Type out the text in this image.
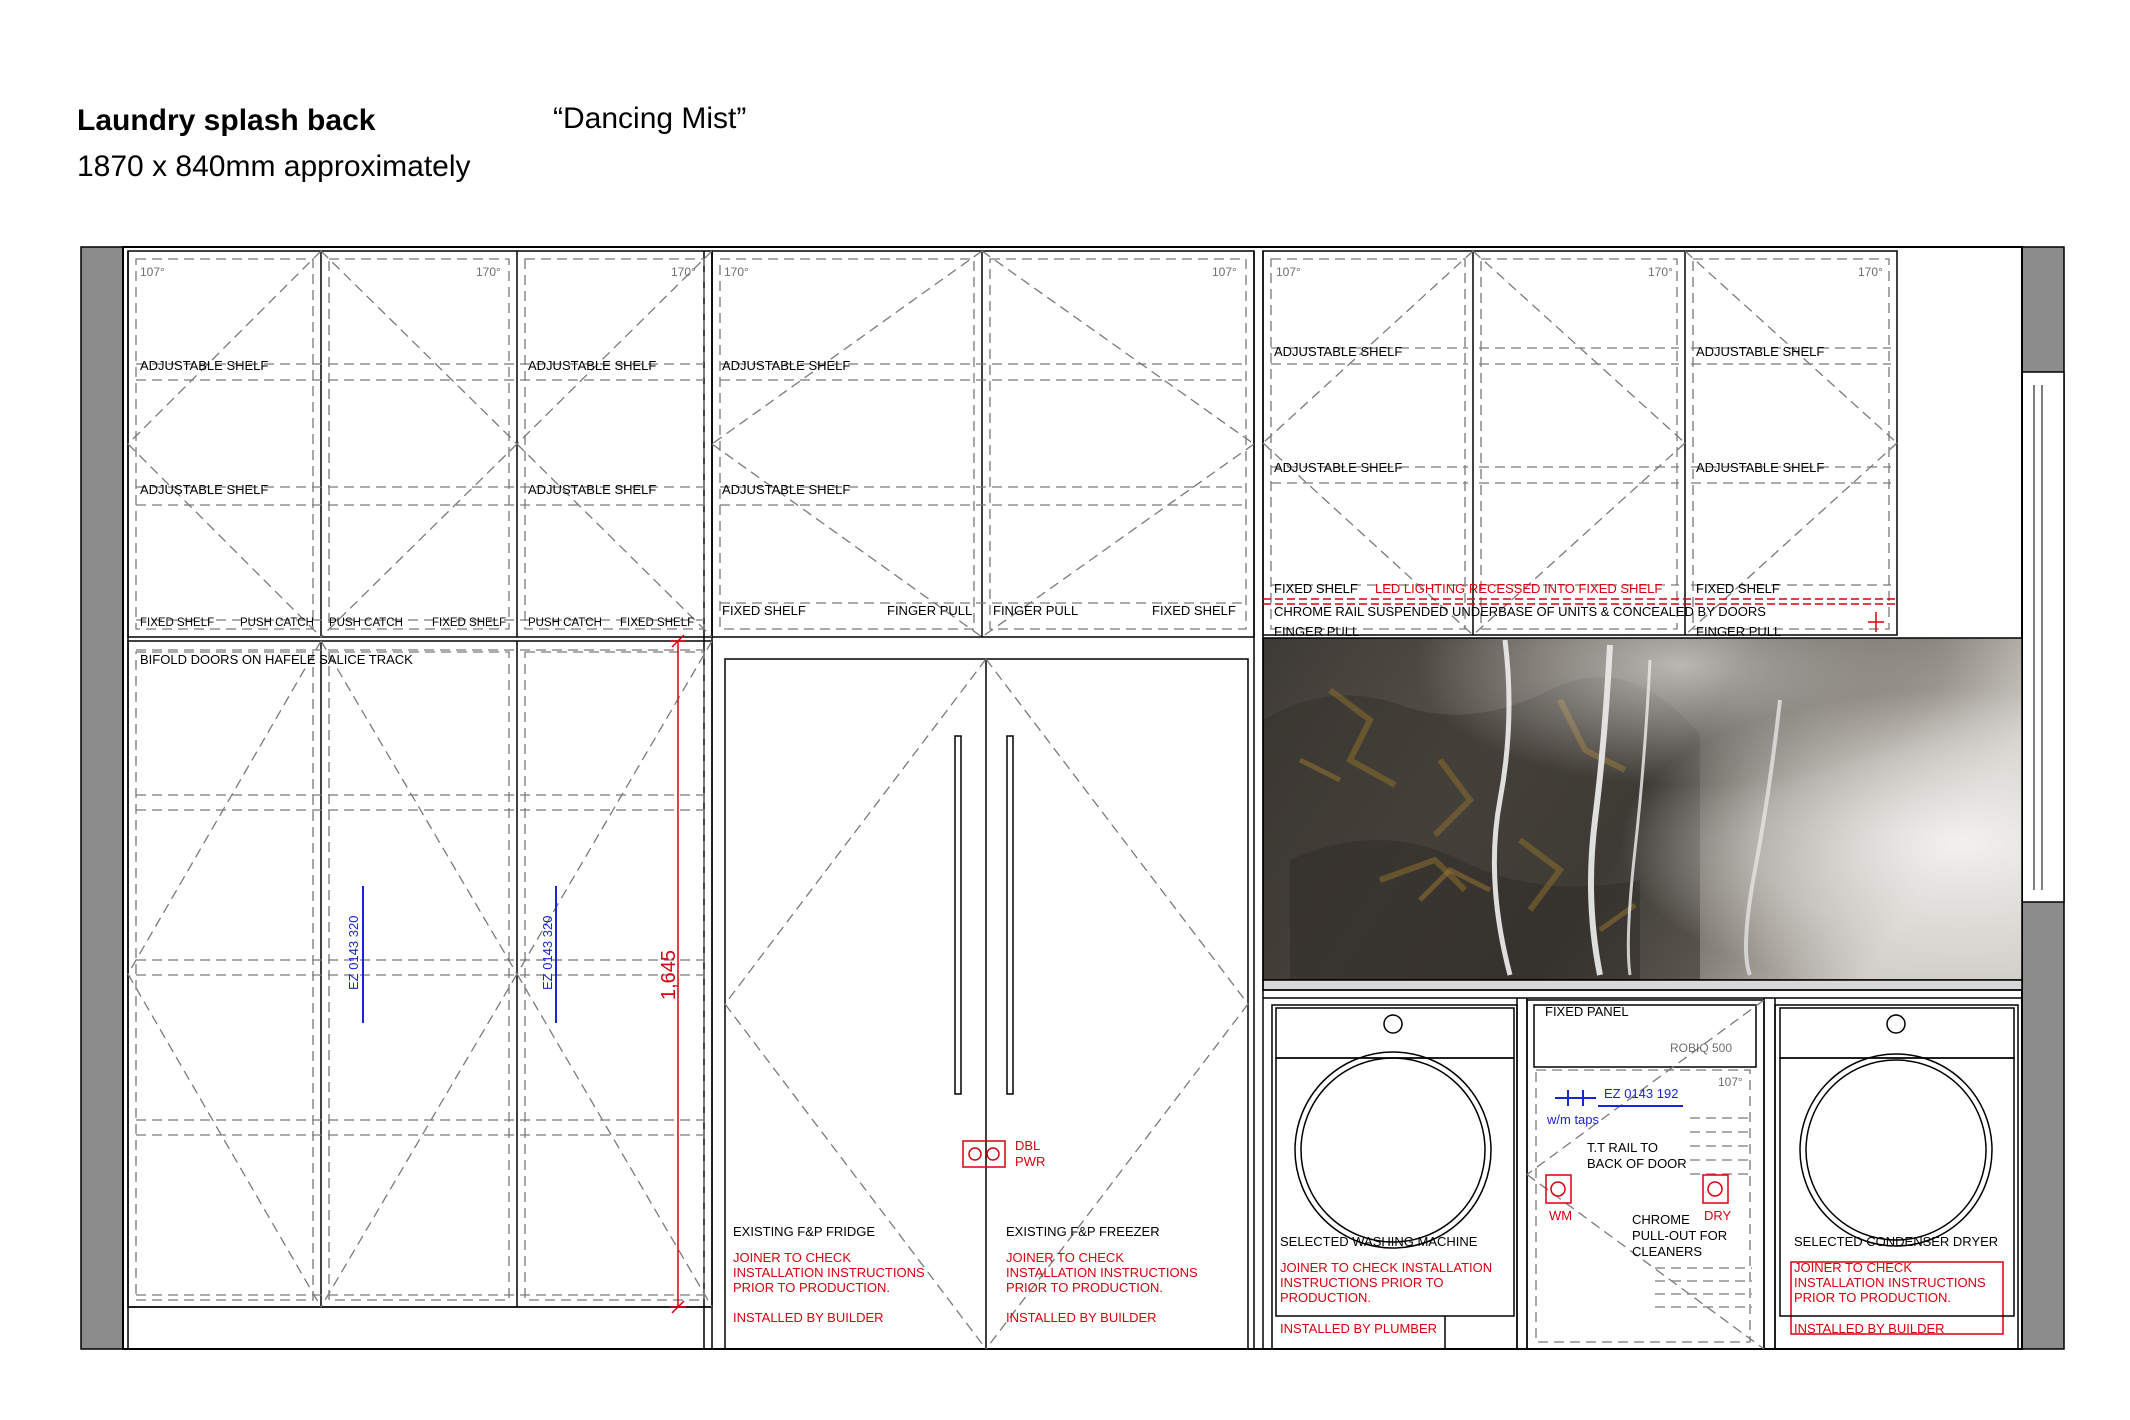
Laundry splash back
1870 x 840mm approximately
“Dancing Mist”
107°	170°	170° 170°	107°	107°	170°	170°
107°
ADJUSTABLE SHELF
ADJUSTABLE SHELF
ADJUSTABLE SHELF
ADJUSTABLE SHELF
ADJUSTABLE SHELF
ADJUSTABLE SHELF
ADJUSTABLE SHELF
ADJUSTABLE SHELF
ADJUSTABLE SHELF
ADJUSTABLE SHELF
FIXED SHELF PUSH CATCH PUSH CATCH	FIXED SHELF PUSH CATCH FIXED SHELF
FIXED SHELF	FINGER PULL FINGER PULL	FIXED SHELF
FIXED SHELF LED LIGHTING RECESSED INTO FIXED SHELF	FIXED SHELF
CHROME RAIL SUSPENDED UNDERBASE OF UNITS & CONCEALED BY DOORS
FINGER PULL	FINGER PULL
BIFOLD DOORS ON HAFELE SALICE TRACK
EZ 0143 320	EZ 0143 320	1,645
DBL
PWR
EXISTING F&P FRIDGE
JOINER TO CHECK
INSTALLATION INSTRUCTIONS
PRIOR TO PRODUCTION.
INSTALLED BY BUILDER
EXISTING F&P FREEZER
JOINER TO CHECK
INSTALLATION INSTRUCTIONS
PRIOR TO PRODUCTION.
INSTALLED BY BUILDER
SELECTED WASHING MACHINE
JOINER TO CHECK INSTALLATION
INSTRUCTIONS PRIOR TO
PRODUCTION.
INSTALLED BY PLUMBER
FIXED PANEL
ROBIQ 500
EZ 0143 192
w/m taps
T.T RAIL TO
BACK OF DOOR
WM	DRY
CHROME
PULL-OUT FOR
CLEANERS
SELECTED CONDENSER DRYER
JOINER TO CHECK
INSTALLATION INSTRUCTIONS
PRIOR TO PRODUCTION.
INSTALLED BY BUILDER
